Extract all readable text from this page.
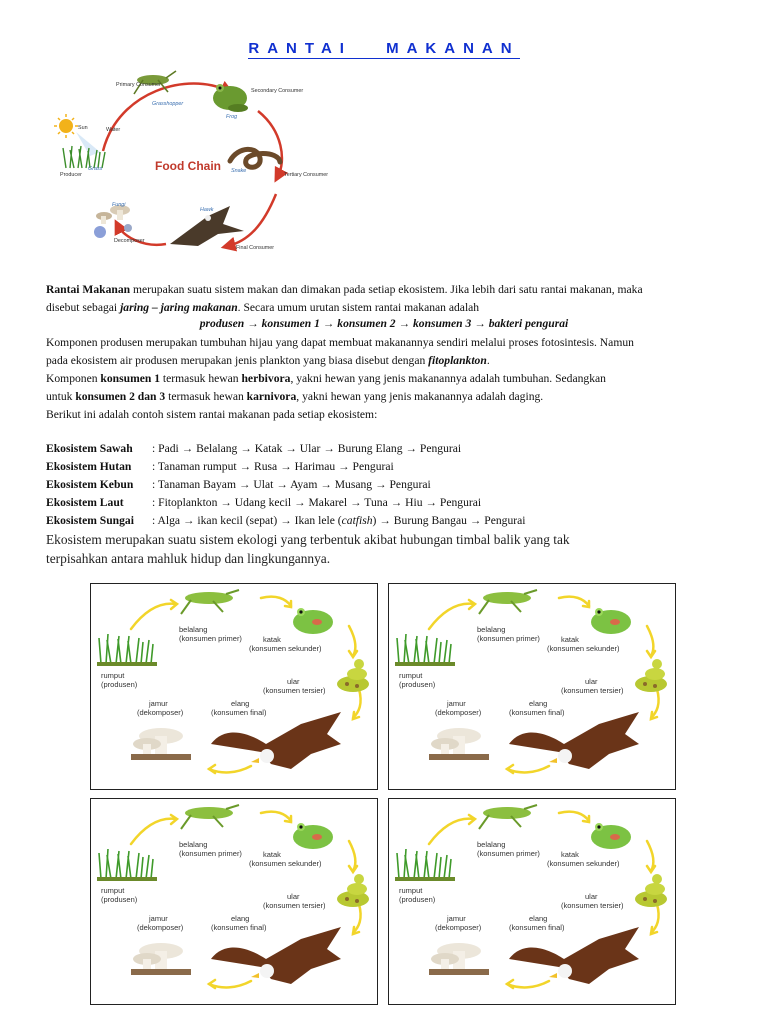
RANTAI MAKANAN
Food Chain
Primary Consumer
Grasshopper
Secondary Consumer
Frog
Sun	Water
Producer
Grass	Snake
Tertiary Consumer
Fungi
Hawk
Decomposer
Final Consumer
Rantai Makanan merupakan suatu sistem makan dan dimakan pada setiap ekosistem. Jika lebih dari satu rantai makanan, maka
disebut sebagai jaring – jaring makanan. Secara umum urutan sistem rantai makanan adalah
produsen → konsumen 1 → konsumen 2 → konsumen 3 → bakteri pengurai
Komponen produsen merupakan tumbuhan hijau yang dapat membuat makanannya sendiri melalui proses fotosintesis. Namun
pada ekosistem air produsen merupakan jenis plankton yang biasa disebut dengan fitoplankton.
Komponen konsumen 1 termasuk hewan herbivora, yakni hewan yang jenis makanannya adalah tumbuhan. Sedangkan
untuk konsumen 2 dan 3 termasuk hewan karnivora, yakni hewan yang jenis makanannya adalah daging.
Berikut ini adalah contoh sistem rantai makanan pada setiap ekosistem:
Ekosistem Sawah : Padi → Belalang → Katak → Ular → Burung Elang → Pengurai
Ekosistem Hutan : Tanaman rumput → Rusa → Harimau → Pengurai
Ekosistem Kebun : Tanaman Bayam → Ulat → Ayam → Musang → Pengurai
Ekosistem Laut : Fitoplankton → Udang kecil → Makarel → Tuna → Hiu → Pengurai
Ekosistem Sungai : Alga → ikan kecil (sepat) → Ikan lele (catfish) → Burung Bangau → Pengurai
Ekosistem merupakan suatu sistem ekologi yang terbentuk akibat hubungan timbal balik yang tak
terpisahkan antara mahluk hidup dan lingkungannya.
belalang
(konsumen primer)	katak
(konsumen sekunder)
rumput
(produsen)	ular
(konsumen tersier)
jamur
(dekomposer)
elang
(konsumen final)
belalang
(konsumen primer)	katak
(konsumen sekunder)
rumput
(produsen)	ular
(konsumen tersier)
jamur
(dekomposer)
elang
(konsumen final)
belalang
(konsumen primer)	katak
(konsumen sekunder)
rumput
(produsen)	ular
(konsumen tersier)
jamur
(dekomposer)
elang
(konsumen final)
belalang
(konsumen primer)	katak
(konsumen sekunder)
rumput
(produsen)	ular
(konsumen tersier)
jamur
(dekomposer)
elang
(konsumen final)
